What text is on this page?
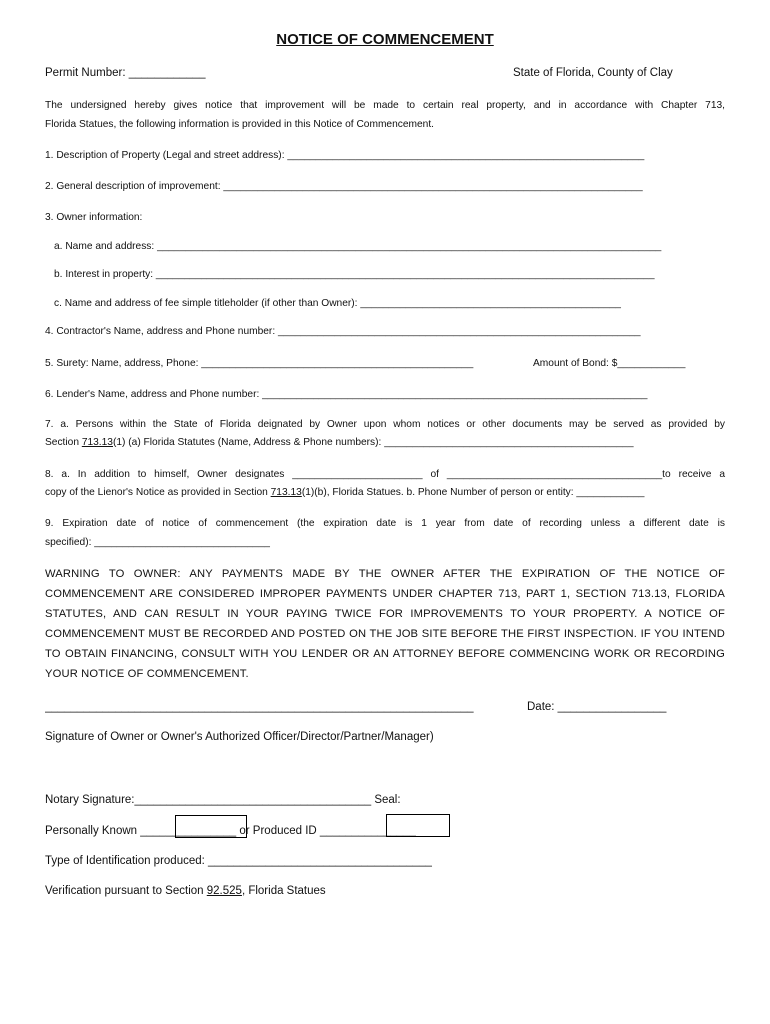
NOTICE OF COMMENCEMENT
Permit Number: ____________	State of Florida, County of Clay
The undersigned hereby gives notice that improvement will be made to certain real property, and in accordance with Chapter 713,
Florida Statues, the following information is provided in this Notice of Commencement.
1. Description of Property (Legal and street address): _______________________________________________________________
2. General description of improvement: __________________________________________________________________________
3. Owner information:
a. Name and address: _________________________________________________________________________________________
b. Interest in property: ________________________________________________________________________________________
c. Name and address of fee simple titleholder (if other than Owner): ______________________________________________
4. Contractor's Name, address and Phone number: ________________________________________________________________
5. Surety: Name, address, Phone: ________________________________________________	Amount of Bond: $____________
6. Lender's Name, address and Phone number: ____________________________________________________________________
7. a. Persons within the State of Florida deignated by Owner upon whom notices or other documents may be served as provided by
Section 713.13(1) (a) Florida Statutes (Name, Address & Phone numbers): ____________________________________________
8. a. In addition to himself, Owner designates _______________________ of ______________________________________to receive a
copy of the Lienor's Notice as provided in Section 713.13(1)(b), Florida Statues. b. Phone Number of person or entity: ____________
9. Expiration date of notice of commencement (the expiration date is 1 year from date of recording unless a different date is
specified): _______________________________
WARNING TO OWNER: ANY PAYMENTS MADE BY THE OWNER AFTER THE EXPIRATION OF THE NOTICE OF
COMMENCEMENT ARE CONSIDERED IMPROPER PAYMENTS UNDER CHAPTER 713, PART 1, SECTION 713.13, FLORIDA
STATUTES, AND CAN RESULT IN YOUR PAYING TWICE FOR IMPROVEMENTS TO YOUR PROPERTY. A NOTICE OF
COMMENCEMENT MUST BE RECORDED AND POSTED ON THE JOB SITE BEFORE THE FIRST INSPECTION. IF YOU INTEND
TO OBTAIN FINANCING, CONSULT WITH YOU LENDER OR AN ATTORNEY BEFORE COMMENCING WORK OR RECORDING
YOUR NOTICE OF COMMENCEMENT.
___________________________________________________________________	Date: _________________
Signature of Owner or Owner's Authorized Officer/Director/Partner/Manager)
Notary Signature:_____________________________________ Seal:
Personally Known _______________ or Produced ID _______________
Type of Identification produced: ___________________________________
Verification pursuant to Section 92.525, Florida Statues
